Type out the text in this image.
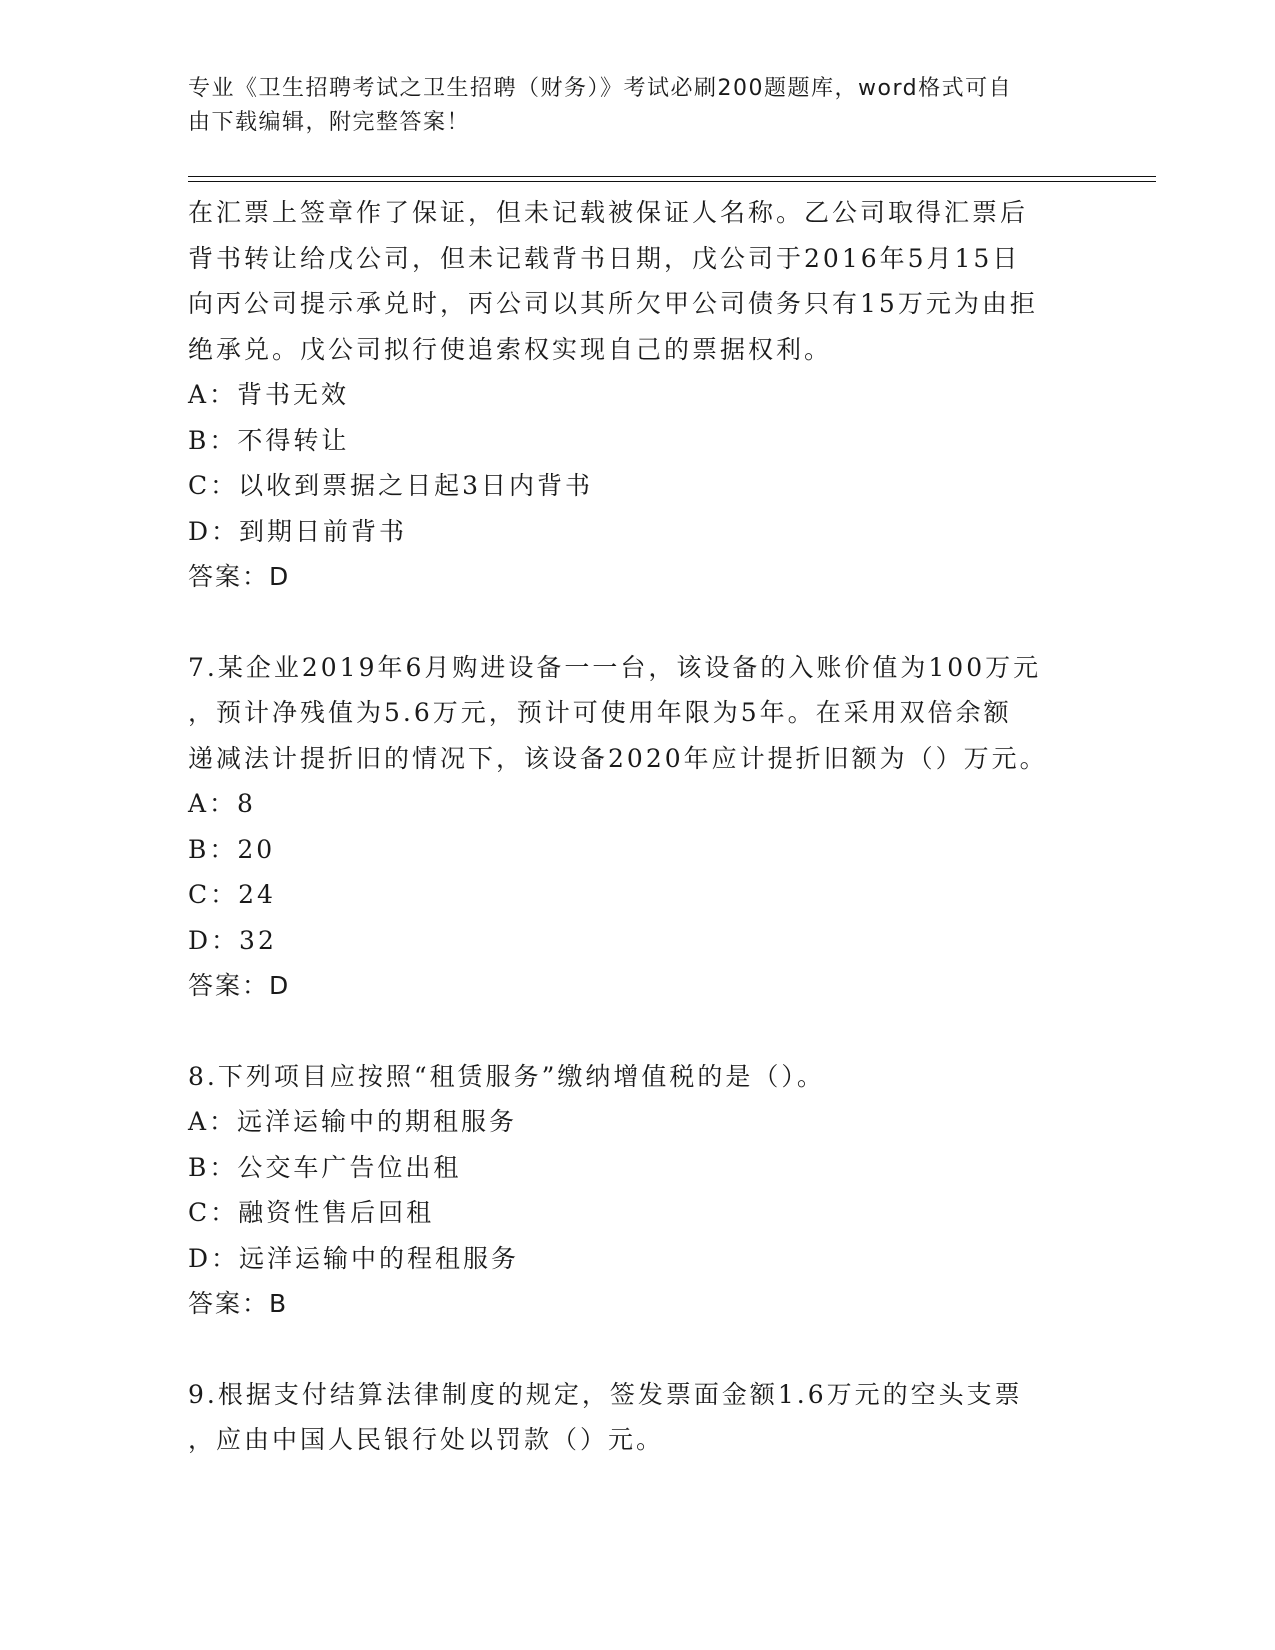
专业《卫生招聘考试之卫生招聘（财务）》考试必刷200题题库，word格式可自
由下载编辑，附完整答案！
在汇票上签章作了保证，但未记载被保证人名称。乙公司取得汇票后
背书转让给戊公司，但未记载背书日期，戊公司于2016年5月15日
向丙公司提示承兑时，丙公司以其所欠甲公司债务只有15万元为由拒
绝承兑。戊公司拟行使追索权实现自己的票据权利。
A：背书无效
B：不得转让
C：以收到票据之日起3日内背书
D：到期日前背书
答案：D
7.某企业2019年6月购进设备一一台，该设备的入账价值为100万元
，预计净残值为5.6万元，预计可使用年限为5年。在采用双倍余额
递减法计提折旧的情况下，该设备2020年应计提折旧额为（）万元。
A：8
B：20
C：24
D：32
答案：D
8.下列项目应按照“租赁服务”缴纳增值税的是（）。
A：远洋运输中的期租服务
B：公交车广告位出租
C：融资性售后回租
D：远洋运输中的程租服务
答案：B
9.根据支付结算法律制度的规定，签发票面金额1.6万元的空头支票
，应由中国人民银行处以罚款（）元。
